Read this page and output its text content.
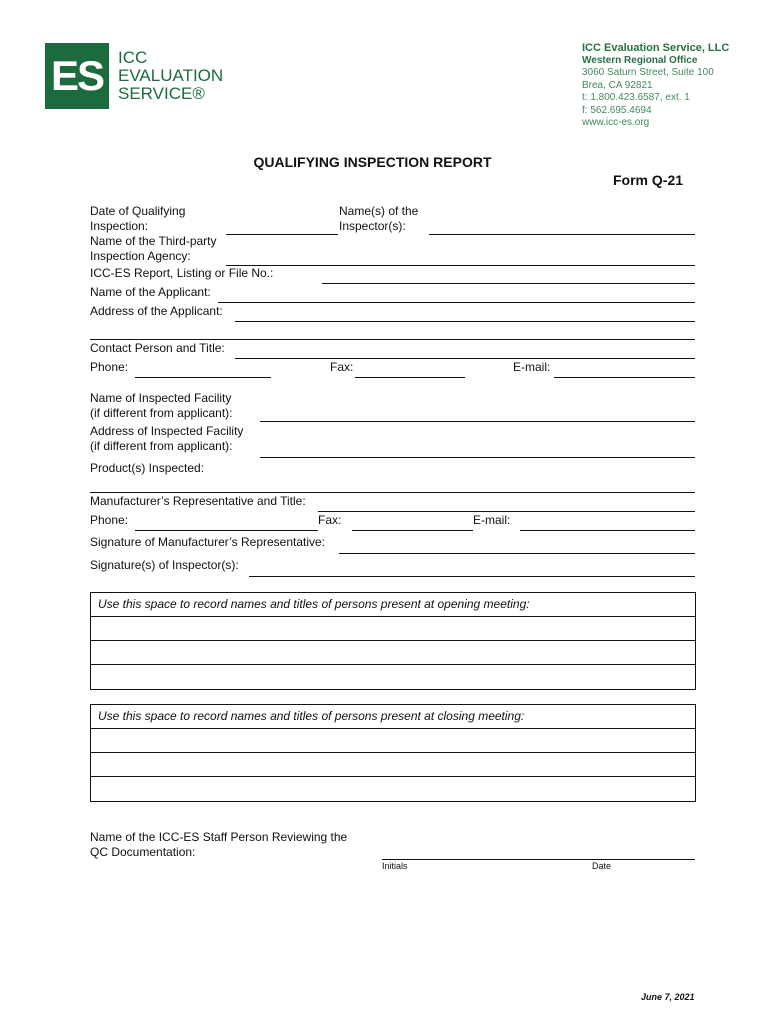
ES ICC
EVALUATION
SERVICE®
ICC Evaluation Service, LLC
Western Regional Office
3060 Saturn Street, Suite 100
Brea, CA 92821
t: 1.800.423.6587, ext. 1
f: 562.695.4694
www.icc-es.org
QUALIFYING INSPECTION REPORT
Form Q-21
Date of Qualifying
Inspection:
Name(s) of the
Inspector(s):
Name of the Third-party
Inspection Agency:
ICC-ES Report, Listing or File No.:
Name of the Applicant:
Address of the Applicant:
Contact Person and Title:
Phone:	Fax:	E-mail:
Name of Inspected Facility
(if different from applicant):
Address of Inspected Facility
(if different from applicant):
Product(s) Inspected:
Manufacturer’s Representative and Title:
Phone:	Fax:	E-mail:
Signature of Manufacturer’s Representative:
Signature(s) of Inspector(s):
Use this space to record names and titles of persons present at opening meeting:
Use this space to record names and titles of persons present at closing meeting:
Name of the ICC-ES Staff Person Reviewing the
QC Documentation:
Initials	Date
June 7, 2021
